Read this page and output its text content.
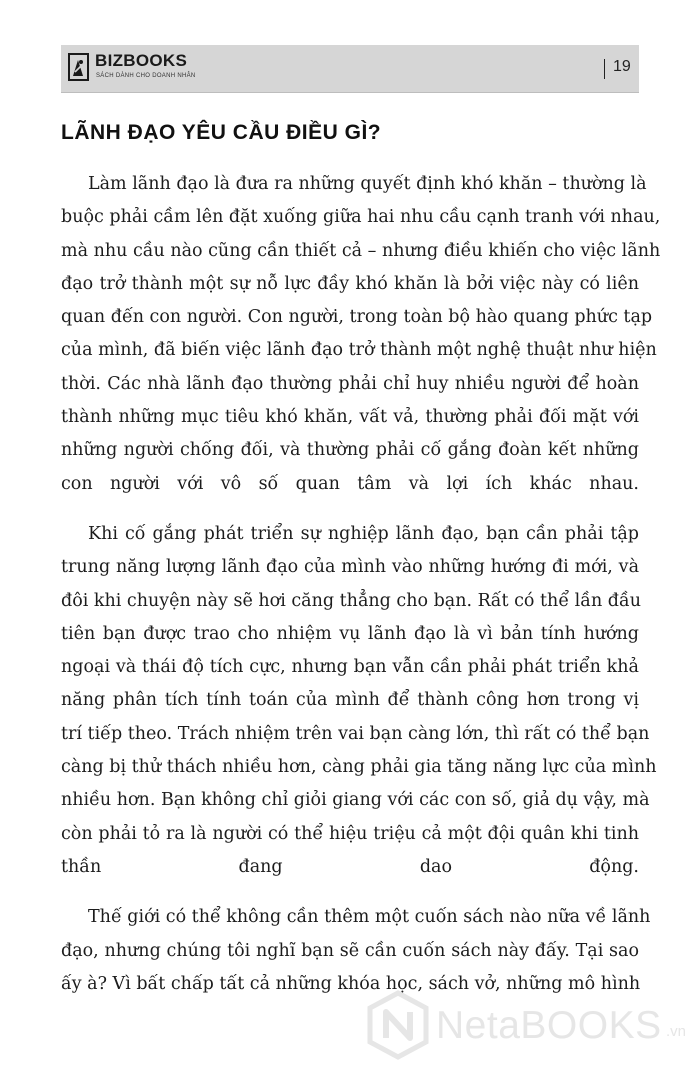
BIZBOOKS
SÁCH DÀNH CHO DOANH NHÂN
19
LÃNH ĐẠO YÊU CẦU ĐIỀU GÌ?

Làm lãnh đạo là đưa ra những quyết định khó khăn – thường là
buộc phải cầm lên đặt xuống giữa hai nhu cầu cạnh tranh với nhau,
mà nhu cầu nào cũng cần thiết cả – nhưng điều khiến cho việc lãnh
đạo trở thành một sự nỗ lực đầy khó khăn là bởi việc này có liên
quan đến con người. Con người, trong toàn bộ hào quang phức tạp
của mình, đã biến việc lãnh đạo trở thành một nghệ thuật như hiện
thời. Các nhà lãnh đạo thường phải chỉ huy nhiều người để hoàn
thành những mục tiêu khó khăn, vất vả, thường phải đối mặt với
những người chống đối, và thường phải cố gắng đoàn kết những
con người với vô số quan tâm và lợi ích khác nhau.

Khi cố gắng phát triển sự nghiệp lãnh đạo, bạn cần phải tập
trung năng lượng lãnh đạo của mình vào những hướng đi mới, và
đôi khi chuyện này sẽ hơi căng thẳng cho bạn. Rất có thể lần đầu
tiên bạn được trao cho nhiệm vụ lãnh đạo là vì bản tính hướng
ngoại và thái độ tích cực, nhưng bạn vẫn cần phải phát triển khả
năng phân tích tính toán của mình để thành công hơn trong vị
trí tiếp theo. Trách nhiệm trên vai bạn càng lớn, thì rất có thể bạn
càng bị thử thách nhiều hơn, càng phải gia tăng năng lực của mình
nhiều hơn. Bạn không chỉ giỏi giang với các con số, giả dụ vậy, mà
còn phải tỏ ra là người có thể hiệu triệu cả một đội quân khi tinh
thần đang dao động.

Thế giới có thể không cần thêm một cuốn sách nào nữa về lãnh
đạo, nhưng chúng tôi nghĩ bạn sẽ cần cuốn sách này đấy. Tại sao
ấy à? Vì bất chấp tất cả những khóa học, sách vở, những mô hình

NetaBOOKS .vn
